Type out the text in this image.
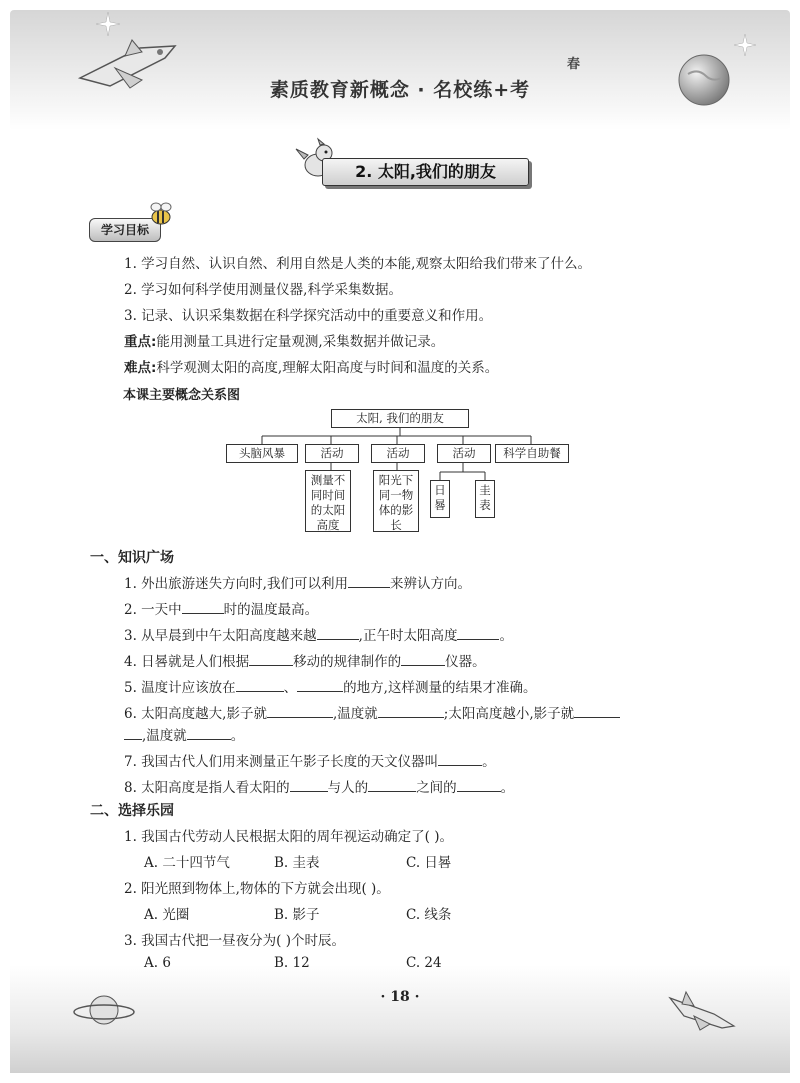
素质教育新概念 · 名校练+考
春
2. 太阳,我们的朋友
学习目标
1. 学习自然、认识自然、利用自然是人类的本能,观察太阳给我们带来了什么。
2. 学习如何科学使用测量仪器,科学采集数据。
3. 记录、认识采集数据在科学探究活动中的重要意义和作用。
重点:能用测量工具进行定量观测,采集数据并做记录。
难点:科学观测太阳的高度,理解太阳高度与时间和温度的关系。
本课主要概念关系图
太阳, 我们的朋友
头脑风暴	活动	活动	活动	科学自助餐
测量不同时间的太阳高度
阳光下同一物体的影长
日晷
圭表
一、知识广场
1. 外出旅游迷失方向时,我们可以利用	来辨认方向。
2. 一天中	时的温度最高。
3. 从早晨到中午太阳高度越来越	,正午时太阳高度	。
4. 日晷就是人们根据	移动的规律制作的	仪器。
5. 温度计应该放在	、	的地方,这样测量的结果才准确。
6. 太阳高度越大,影子就	,温度就	;太阳高度越小,影子就
,温度就	。
7. 我国古代人们用来测量正午影子长度的天文仪器叫	。
8. 太阳高度是指人看太阳的	与人的	之间的	。
二、选择乐园
1. 我国古代劳动人民根据太阳的周年视运动确定了( )。
A. 二十四节气	B. 圭表	C. 日晷
2. 阳光照到物体上,物体的下方就会出现( )。
A. 光圈	B. 影子	C. 线条
3. 我国古代把一昼夜分为( )个时辰。
A. 6	B. 12	C. 24
· 18 ·
